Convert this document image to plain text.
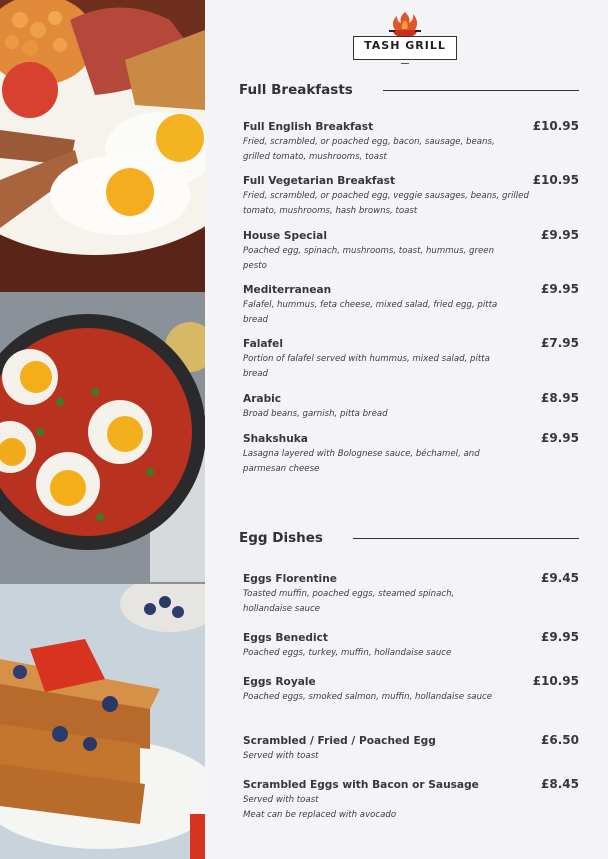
TASH GRILL
Full Breakfasts
Full English Breakfast	£10.95
Fried, scrambled, or poached egg, bacon, sausage, beans, grilled tomato, mushrooms, toast
Full Vegetarian Breakfast	£10.95
Fried, scrambled, or poached egg, veggie sausages, beans, grilled tomato, mushrooms, hash browns, toast
House Special	£9.95
Poached egg, spinach, mushrooms, toast, hummus, green pesto
Mediterranean	£9.95
Falafel, hummus, feta cheese, mixed salad, fried egg, pitta bread
Falafel	£7.95
Portion of falafel served with hummus, mixed salad, pitta bread
Arabic	£8.95
Broad beans, garnish, pitta bread
Shakshuka	£9.95
Lasagna layered with Bolognese sauce, béchamel, and parmesan cheese
Egg Dishes
Eggs Florentine	£9.45
Toasted muffin, poached eggs, steamed spinach, hollandaise sauce
Eggs Benedict	£9.95
Poached eggs, turkey, muffin, hollandaise sauce
Eggs Royale	£10.95
Poached eggs, smoked salmon, muffin, hollandaise sauce
Scrambled / Fried / Poached Egg	£6.50
Served with toast
Scrambled Eggs with Bacon or Sausage	£8.45
Served with toast
Meat can be replaced with avocado
